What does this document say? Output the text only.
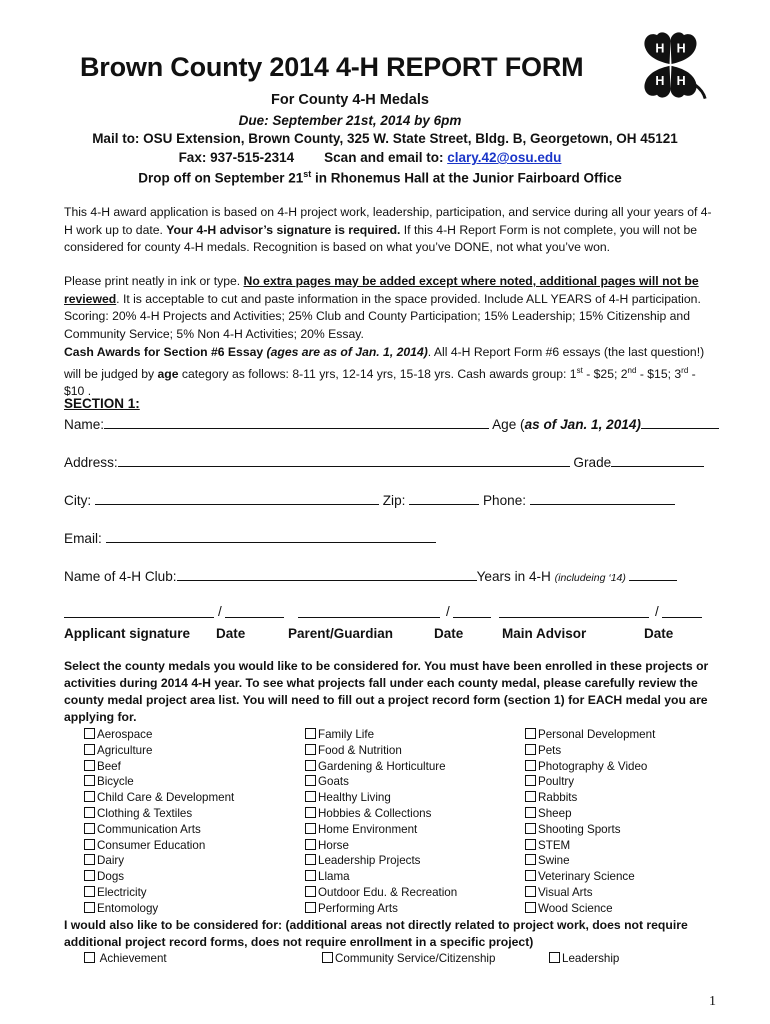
Brown County 2014 4-H REPORT FORM
H H
H H
For County 4-H Medals
Due: September 21st, 2014 by 6pm
Mail to: OSU Extension, Brown County, 325 W. State Street, Bldg. B, Georgetown, OH 45121
Fax: 937-515-2314 Scan and email to: clary.42@osu.edu
Drop off on September 21st in Rhonemus Hall at the Junior Fairboard Office
This 4-H award application is based on 4-H project work, leadership, participation, and service during all your years of 4-H work up to date. Your 4-H advisor’s signature is required. If this 4-H Report Form is not complete, you will not be considered for county 4-H medals. Recognition is based on what you’ve DONE, not what you’ve won.
Please print neatly in ink or type. No extra pages may be added except where noted, additional pages will not be reviewed. It is acceptable to cut and paste information in the space provided. Include ALL YEARS of 4-H participation. Scoring: 20% 4-H Projects and Activities; 25% Club and County Participation; 15% Leadership; 15% Citizenship and Community Service; 5% Non 4-H Activities; 20% Essay.
Cash Awards for Section #6 Essay (ages are as of Jan. 1, 2014). All 4-H Report Form #6 essays (the last question!) will be judged by age category as follows: 8-11 yrs, 12-14 yrs, 15-18 yrs. Cash awards group: 1st - $25; 2nd - $15; 3rd - $10 .
SECTION 1:
Name:	Age (as of Jan. 1, 2014)
Address:	Grade
City:	Zip:	Phone:
Email:
Name of 4-H Club:	Years in 4-H (includeing ‘14)
/	/	/
Applicant signature Date	Parent/Guardian	Date	Main Advisor	Date
Select the county medals you would like to be considered for. You must have been enrolled in these projects or activities during 2014 4-H year. To see what projects fall under each county medal, please carefully review the county medal project area list. You will need to fill out a project record form (section 1) for EACH medal you are applying for.
Aerospace
Agriculture
Beef
Bicycle
Child Care & Development
Clothing & Textiles
Communication Arts
Consumer Education
Dairy
Dogs
Electricity
Entomology
Family Life
Food & Nutrition
Gardening & Horticulture
Goats
Healthy Living
Hobbies & Collections
Home Environment
Horse
Leadership Projects
Llama
Outdoor Edu. & Recreation
Performing Arts
Personal Development
Pets
Photography & Video
Poultry
Rabbits
Sheep
Shooting Sports
STEM
Swine
Veterinary Science
Visual Arts
Wood Science
I would also like to be considered for: (additional areas not directly related to project work, does not require additional project record forms, does not require enrollment in a specific project)
Achievement	Community Service/Citizenship	Leadership
1
